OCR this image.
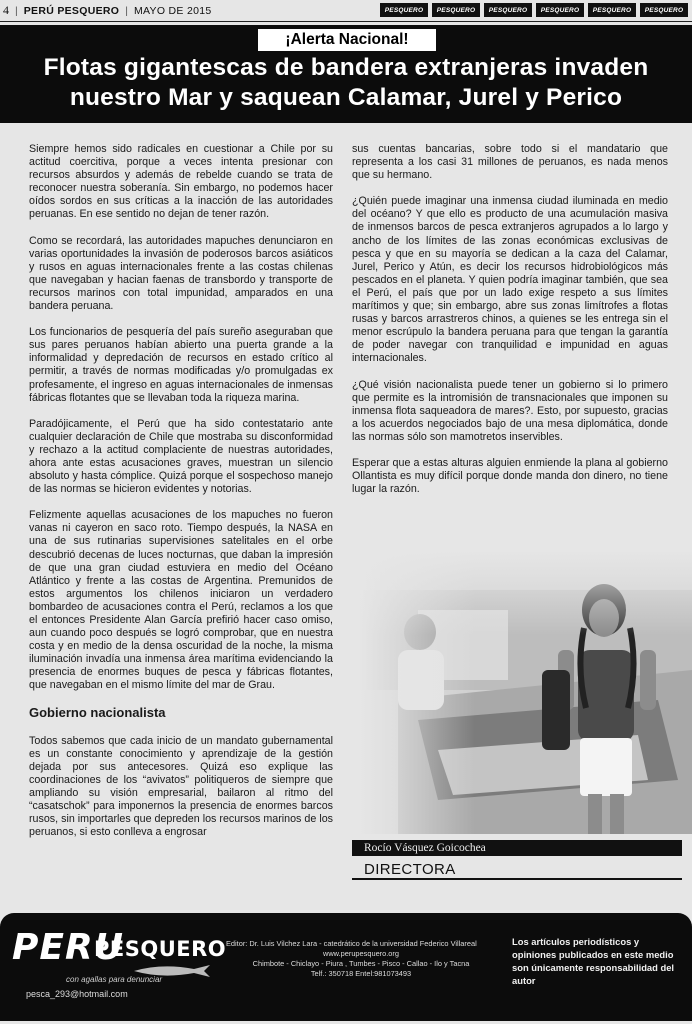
4 | PERÚ PESQUERO | MAYO DE 2015	PESQUERO	PESQUERO	PESQUERO	PESQUERO	PESQUERO	PESQUERO
¡Alerta Nacional!
Flotas gigantescas de bandera extranjeras invaden nuestro Mar y saquean Calamar, Jurel y Perico

Siempre hemos sido radicales en cuestionar a Chile por su actitud coercitiva, porque a veces intenta presionar con recursos absurdos y además de rebelde cuando se trata de reconocer nuestra soberanía. Sin embargo, no podemos hacer oídos sordos en sus críticas a la inacción de las autoridades peruanas. En ese sentido no dejan de tener razón.

Como se recordará, las autoridades mapuches denunciaron en varias oportunidades la invasión de poderosos barcos asiáticos y rusos en aguas internacionales frente a las costas chilenas que navegaban y hacian faenas de transbordo y transporte de recursos marinos con total impunidad, amparados en una bandera peruana.

Los funcionarios de pesquería del país sureño aseguraban que sus pares peruanos habían abierto una puerta grande a la informalidad y depredación de recursos en estado crítico al permitir, a través de normas modificadas y/o promulgadas ex profesamente, el ingreso en aguas internacionales de inmensas fábricas flotantes que se llevaban toda la riqueza marina.

Paradójicamente, el Perú que ha sido contestatario ante cualquier declaración de Chile que mostraba su disconformidad y rechazo a la actitud complaciente de nuestras autoridades, ahora ante estas acusaciones graves, muestran un silencio absoluto y hasta cómplice. Quizá porque el sospechoso manejo de las normas se hicieron evidentes y notorias.

Felizmente aquellas acusaciones de los mapuches no fueron vanas ni cayeron en saco roto. Tiempo después, la NASA en una de sus rutinarias supervisiones satelitales en el orbe descubrió decenas de luces nocturnas, que daban la impresión de que una gran ciudad estuviera en medio del Océano Atlántico y frente a las costas de Argentina. Premunidos de estos argumentos los chilenos iniciaron un verdadero bombardeo de acusaciones contra el Perú, reclamos a los que el entonces Presidente Alan García prefirió hacer caso omiso, aun cuando poco después se logró comprobar, que en nuestra costa y en medio de la densa oscuridad de la noche, la misma iluminación invadía una inmensa área marítima evidenciando la presencia de enormes buques de pesca y fábricas flotantes, que navegaban en el mismo límite del mar de Grau.

Gobierno nacionalista

Todos sabemos que cada inicio de un mandato gubernamental es un constante conocimiento y aprendizaje de la gestión dejada por sus antecesores. Quizá eso explique las coordinaciones de los “avivatos” politiqueros de siempre que ampliando su visión empresarial, bailaron al ritmo del “casatschok” para imponernos la presencia de enormes barcos rusos, sin importarles que depreden los recursos marinos de los peruanos, si esto conlleva a engrosar

sus cuentas bancarias, sobre todo si el mandatario que representa a los casi 31 millones de peruanos, es nada menos que su hermano.

¿Quién puede imaginar una inmensa ciudad iluminada en medio del océano? Y que ello es producto de una acumulación masiva de inmensos barcos de pesca extranjeros agrupados a lo largo y ancho de los límites de las zonas económicas exclusivas de pesca y que en su mayoría se dedican a la caza del Calamar, Jurel, Perico y Atún, es decir los recursos hidrobiológicos más pescados en el planeta. Y quien podría imaginar también, que sea el Perú, el país que por un lado exige respeto a sus límites marítimos y que; sin embargo, abre sus zonas limítrofes a flotas rusas y barcos arrastreros chinos, a quienes se les entrega sin el menor escrúpulo la bandera peruana para que tengan la garantía de poder navegar con tranquilidad e impunidad en aguas internacionales.

¿Qué visión nacionalista puede tener un gobierno si lo primero que permite es la intromisión de transnacionales que imponen su inmensa flota saqueadora de mares?. Esto, por supuesto, gracias a los acuerdos negociados bajo de una mesa diplomática, donde las normas sólo son mamotretos inservibles.

Esperar que a estas alturas alguien enmiende la plana al gobierno Ollantista es muy difícil porque donde manda don dinero, no tiene lugar la razón.

Rocío Vásquez Goicochea
DIRECTORA
PERU
PESQUERO
con agallas para denunciar
pesca_293@hotmail.com
Editor: Dr. Luis Vilchez Lara - catedrático de la universidad Federico Villareal
www.perupesquero.org
Chimbote - Chiclayo - Piura , Tumbes - Pisco - Callao - Ilo y Tacna
Telf.: 350718 Entel:981073493
Los artículos periodísticos y opiniones publicados en este medio son únicamente responsabilidad del autor
